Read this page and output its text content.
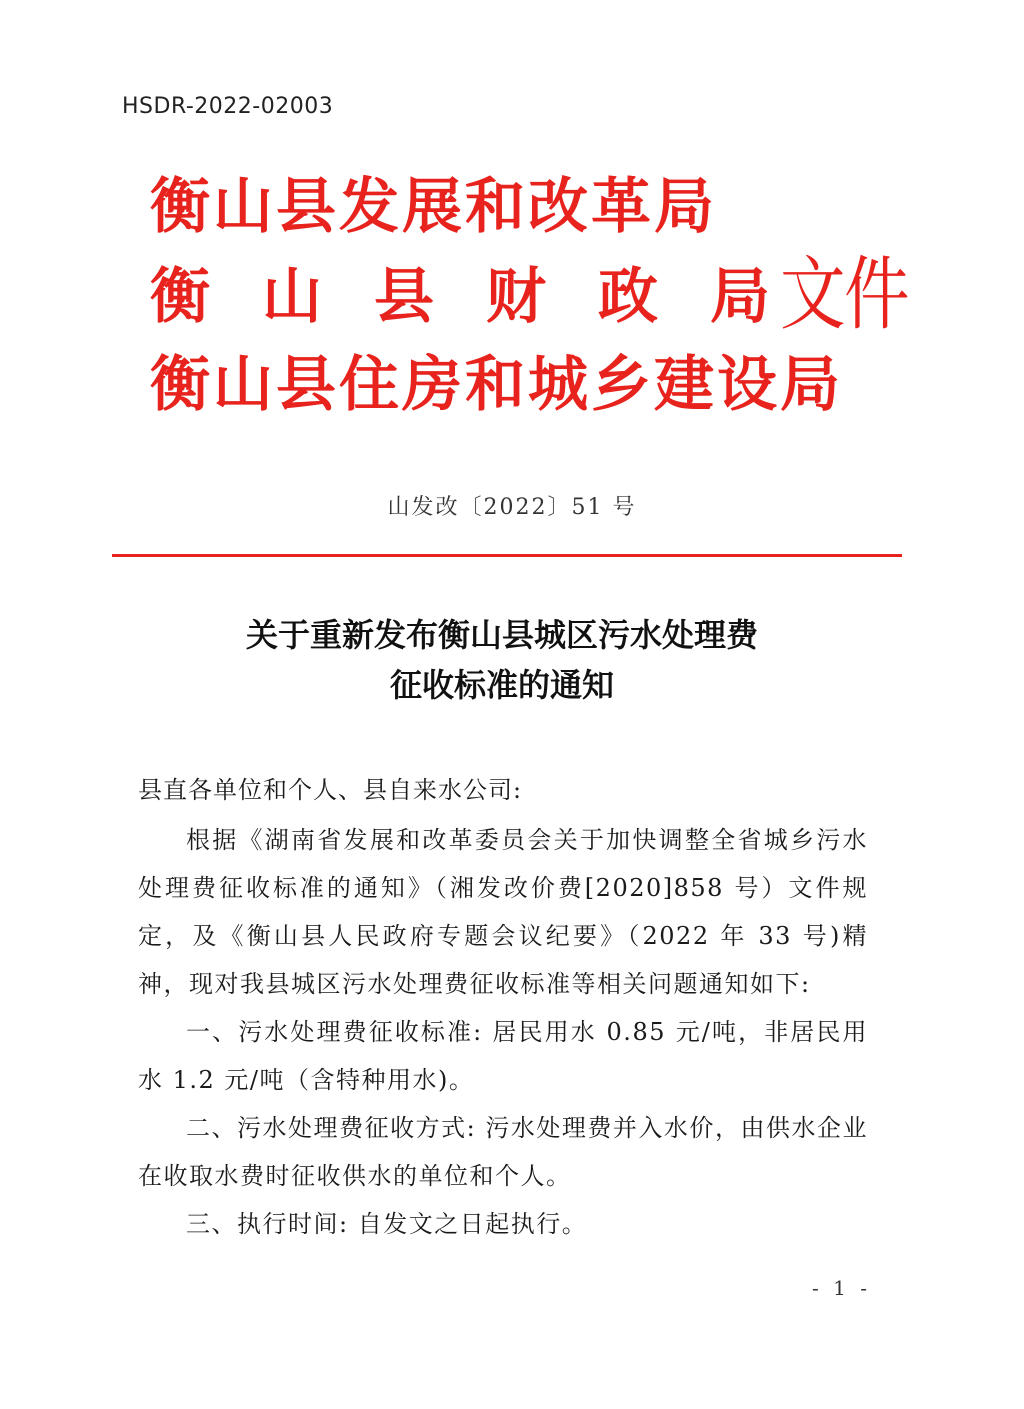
HSDR-2022-02003
衡山县发展和改革局
衡 山 县 财 政 局
衡山县住房和城乡建设局
文件
山发改〔2022〕51 号
关于重新发布衡山县城区污水处理费
征收标准的通知
县直各单位和个人、县自来水公司:

根据《湖南省发展和改革委员会关于加快调整全省城乡污水处理费征收标准的通知》（湘发改价费[2020]858 号）文件规定，及《衡山县人民政府专题会议纪要》（2022 年 33 号)精神，现对我县城区污水处理费征收标准等相关问题通知如下:

一、污水处理费征收标准: 居民用水 0.85 元/吨，非居民用水 1.2 元/吨（含特种用水)。

二、污水处理费征收方式: 污水处理费并入水价，由供水企业在收取水费时征收供水的单位和个人。

三、执行时间: 自发文之日起执行。

- 1 -
